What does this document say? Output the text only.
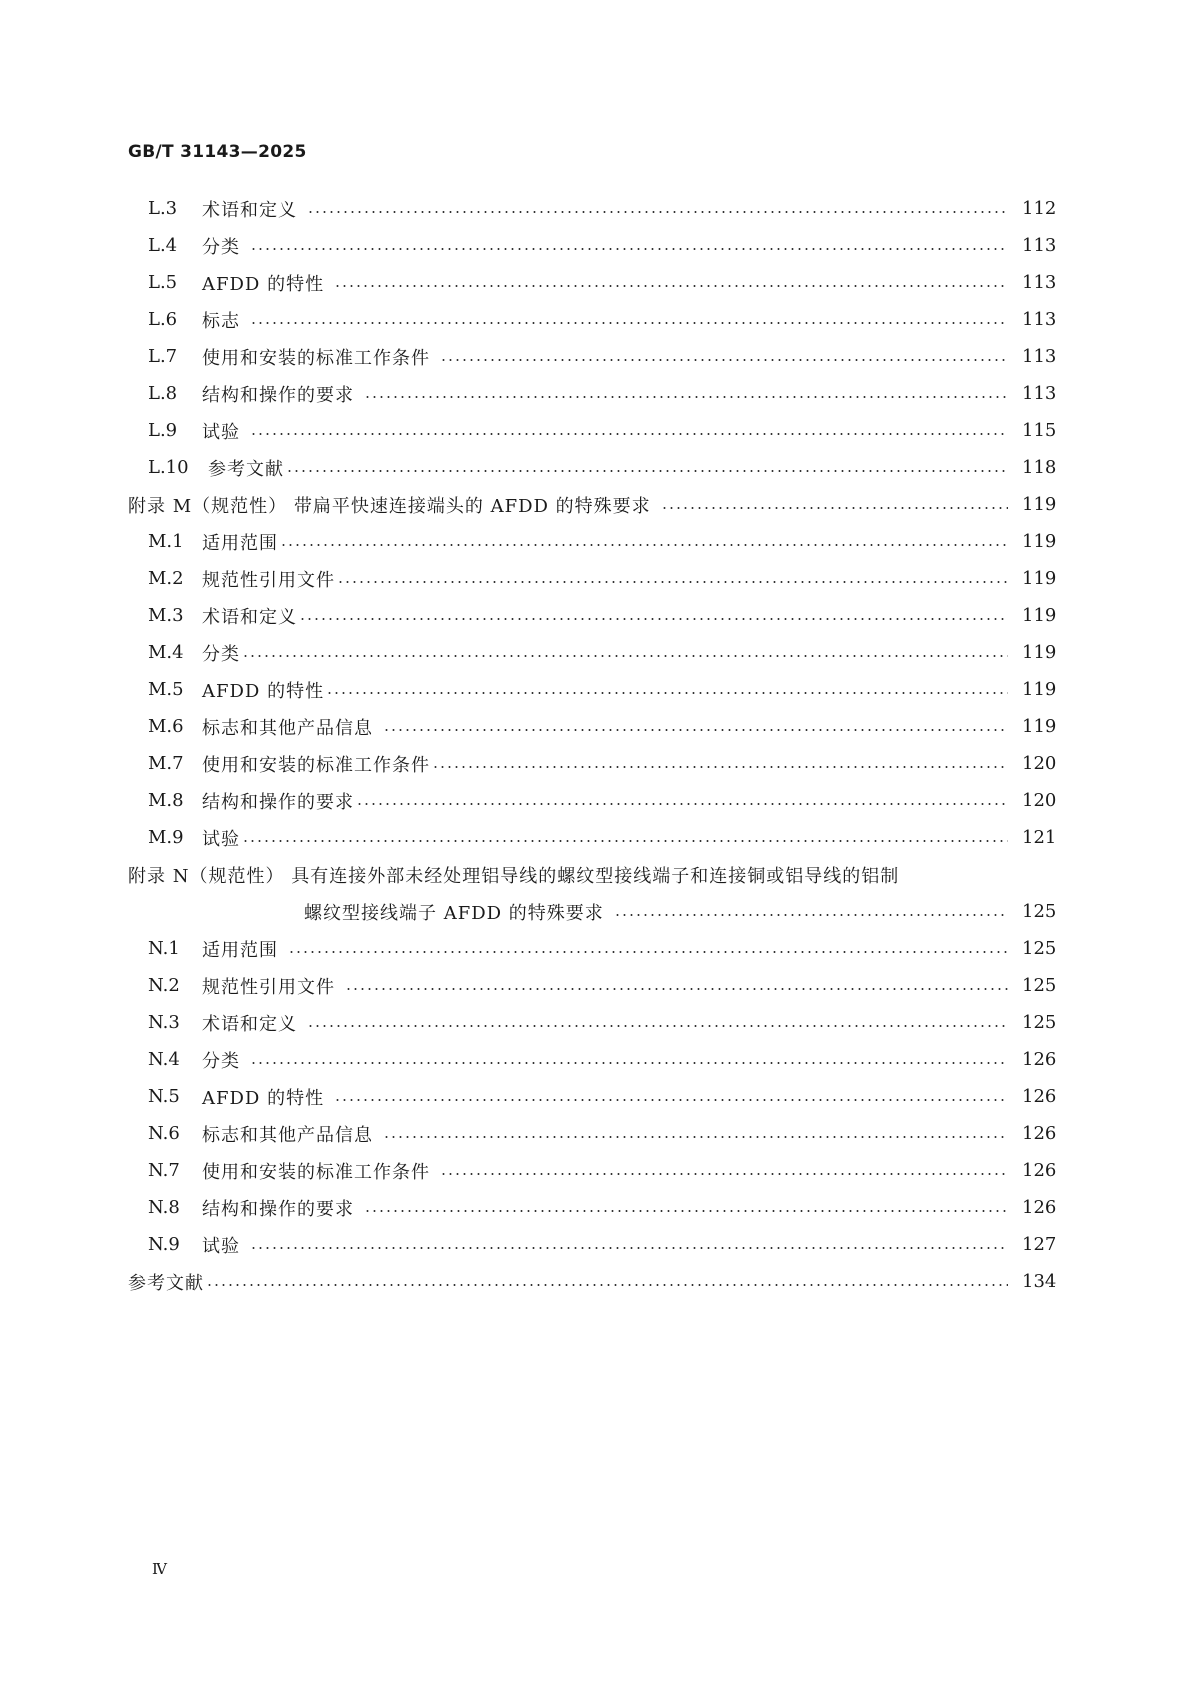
GB/T 31143—2025
L.3	术语和定义	112
L.4	分类	113
L.5	AFDD 的特性	113
L.6	标志	113
L.7	使用和安装的标准工作条件	113
L.8	结构和操作的要求	113
L.9	试验	115
L.10	参考文献	118
附录 M（规范性） 带扁平快速连接端头的 AFDD 的特殊要求	119
M.1	适用范围	119
M.2	规范性引用文件	119
M.3	术语和定义	119
M.4	分类	119
M.5	AFDD 的特性	119
M.6	标志和其他产品信息	119
M.7	使用和安装的标准工作条件	120
M.8	结构和操作的要求	120
M.9	试验	121
附录 N（规范性） 具有连接外部未经处理铝导线的螺纹型接线端子和连接铜或铝导线的铝制
螺纹型接线端子 AFDD 的特殊要求	125
N.1	适用范围	125
N.2	规范性引用文件	125
N.3	术语和定义	125
N.4	分类	126
N.5	AFDD 的特性	126
N.6	标志和其他产品信息	126
N.7	使用和安装的标准工作条件	126
N.8	结构和操作的要求	126
N.9	试验	127
参考文献	134
Ⅳ
